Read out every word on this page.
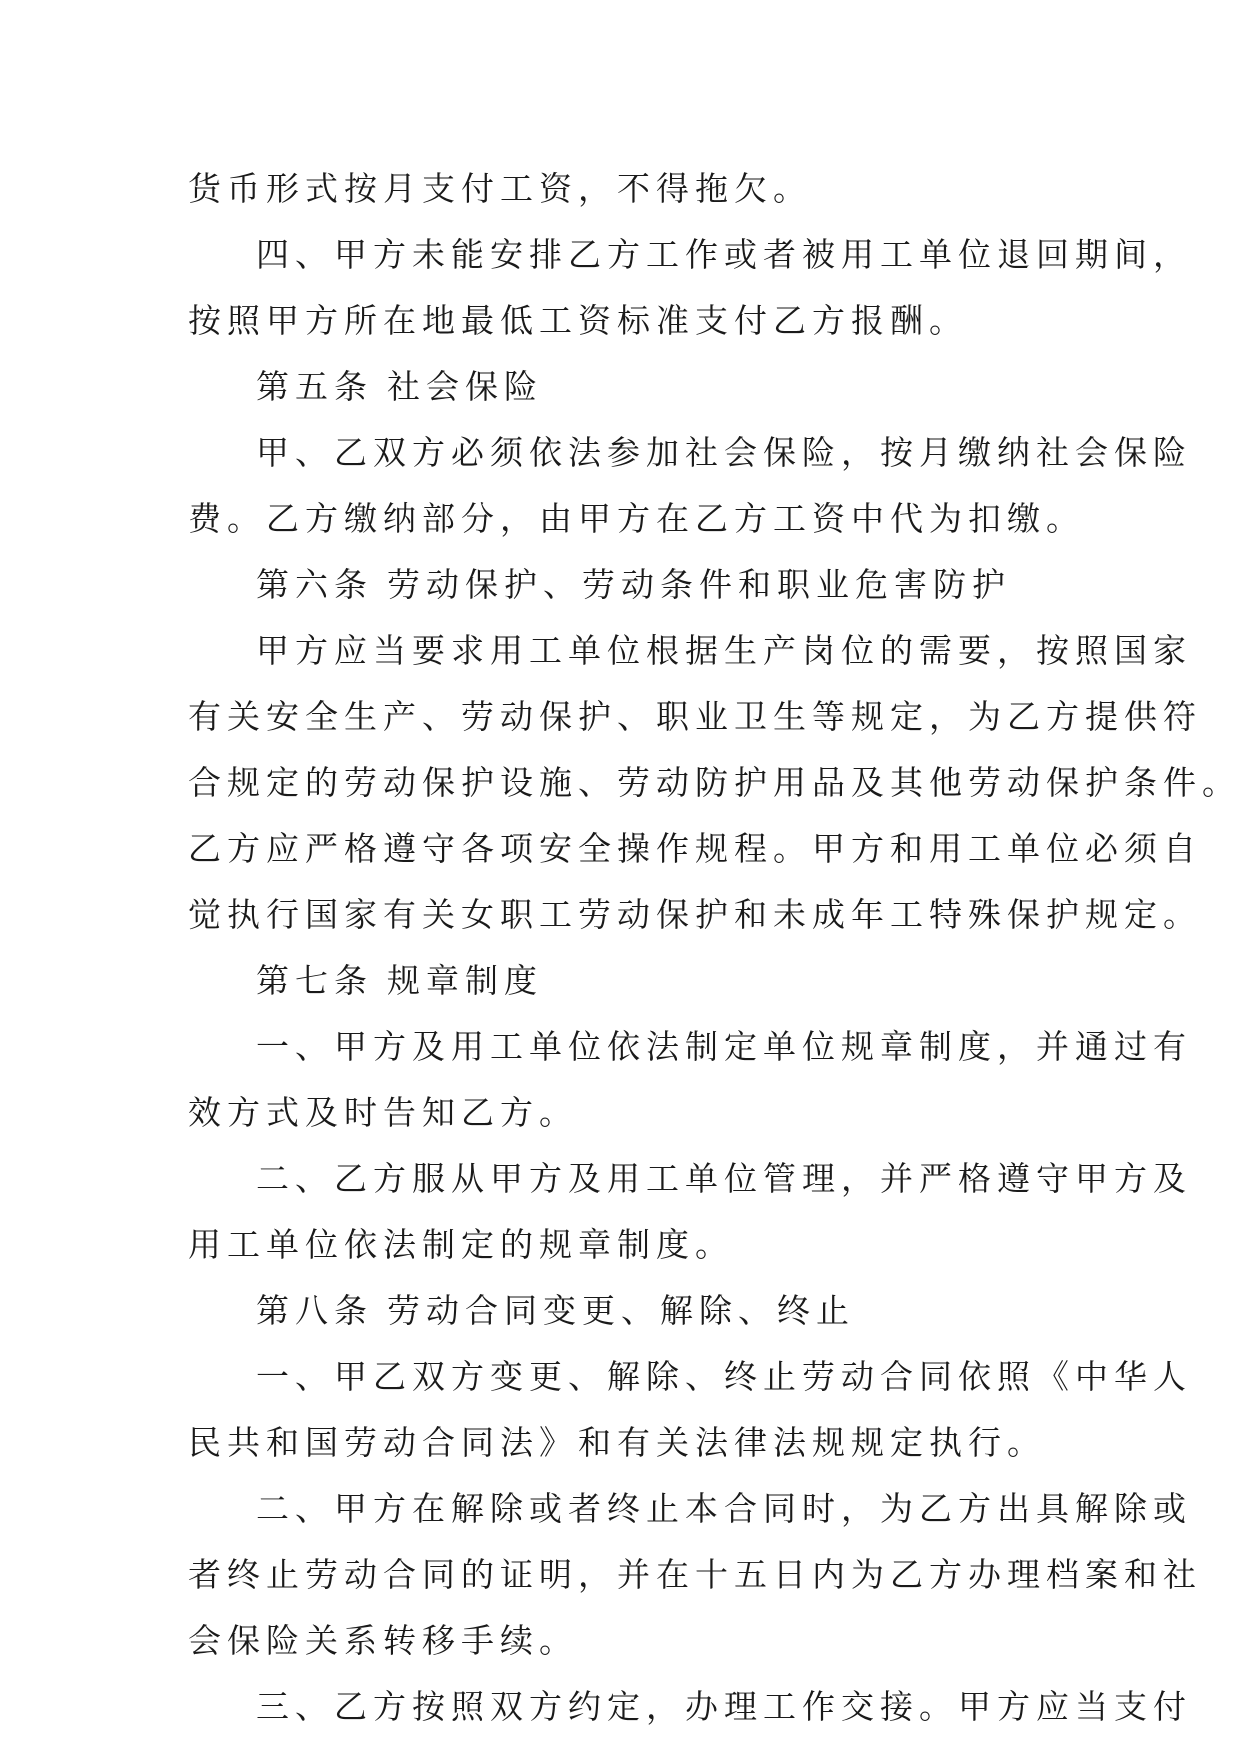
货币形式按月支付工资，不得拖欠。
四、甲方未能安排乙方工作或者被用工单位退回期间，
按照甲方所在地最低工资标准支付乙方报酬。
第五条 社会保险
甲、乙双方必须依法参加社会保险，按月缴纳社会保险
费。乙方缴纳部分，由甲方在乙方工资中代为扣缴。
第六条 劳动保护、劳动条件和职业危害防护
甲方应当要求用工单位根据生产岗位的需要，按照国家
有关安全生产、劳动保护、职业卫生等规定，为乙方提供符
合规定的劳动保护设施、劳动防护用品及其他劳动保护条件。
乙方应严格遵守各项安全操作规程。甲方和用工单位必须自
觉执行国家有关女职工劳动保护和未成年工特殊保护规定。
第七条 规章制度
一、甲方及用工单位依法制定单位规章制度，并通过有
效方式及时告知乙方。
二、乙方服从甲方及用工单位管理，并严格遵守甲方及
用工单位依法制定的规章制度。
第八条 劳动合同变更、解除、终止
一、甲乙双方变更、解除、终止劳动合同依照《中华人
民共和国劳动合同法》和有关法律法规规定执行。
二、甲方在解除或者终止本合同时，为乙方出具解除或
者终止劳动合同的证明，并在十五日内为乙方办理档案和社
会保险关系转移手续。
三、乙方按照双方约定，办理工作交接。甲方应当支付
